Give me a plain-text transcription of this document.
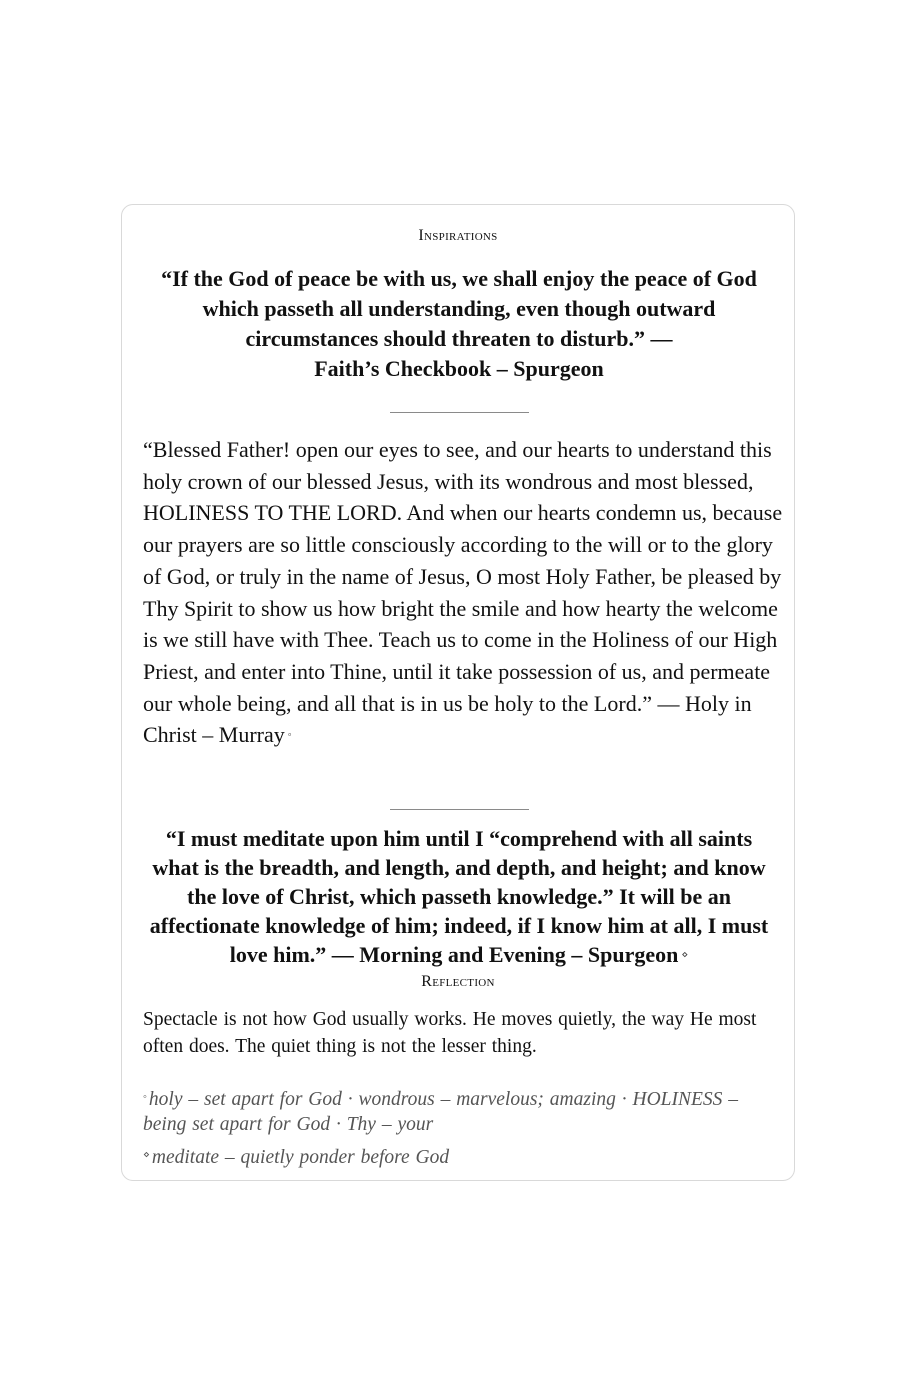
Inspirations

“If the God of peace be with us, we shall enjoy the peace of God which passeth all understanding, even though outward circumstances should threaten to disturb.” —
Faith’s Checkbook – Spurgeon

“Blessed Father! open our eyes to see, and our hearts to understand this holy crown of our blessed Jesus, with its wondrous and most blessed, HOLINESS TO THE LORD. And when our hearts condemn us, because our prayers are so little consciously according to the will or to the glory of God, or truly in the name of Jesus, O most Holy Father, be pleased by Thy Spirit to show us how bright the smile and how hearty the welcome is we still have with Thee. Teach us to come in the Holiness of our High Priest, and enter into Thine, until it take possession of us, and permeate our whole being, and all that is in us be holy to the Lord.” — Holy in Christ – Murray ◦

“I must meditate upon him until I “comprehend with all saints what is the breadth, and length, and depth, and height; and know the love of Christ, which passeth knowledge.” It will be an affectionate knowledge of him; indeed, if I know him at all, I must love him.” — Morning and Evening – Spurgeon ⋄

Reflection

Spectacle is not how God usually works. He moves quietly, the way He most often does. The quiet thing is not the lesser thing.

◦ holy – set apart for God · wondrous – marvelous; amazing · HOLINESS – being set apart for God · Thy – your

⋄ meditate – quietly ponder before God
